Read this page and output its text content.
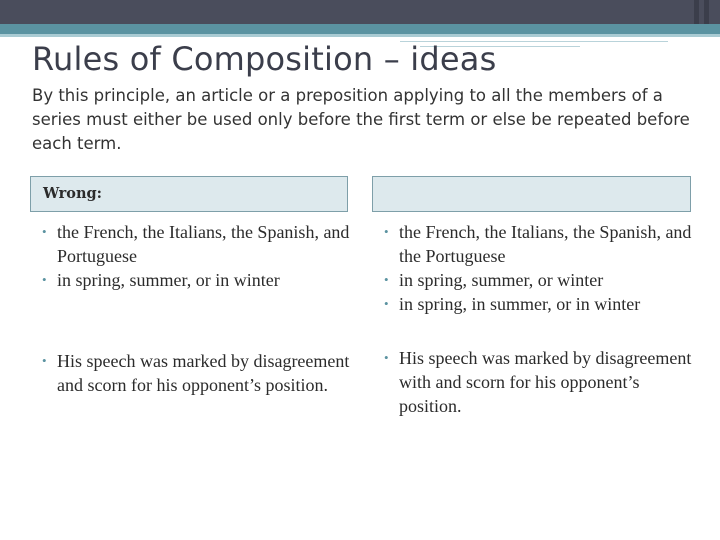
Rules of Composition – ideas
By this principle, an article or a preposition applying to all the members of a series must either be used only before the first term or else be repeated before each term.
Wrong:
• the French, the Italians, the Spanish, and Portuguese
• in spring, summer, or in winter
• His speech was marked by disagreement and scorn for his opponent’s position.
• the French, the Italians, the Spanish, and the Portuguese
• in spring, summer, or winter
• in spring, in summer, or in winter
• His speech was marked by disagreement with and scorn for his opponent’s position.
